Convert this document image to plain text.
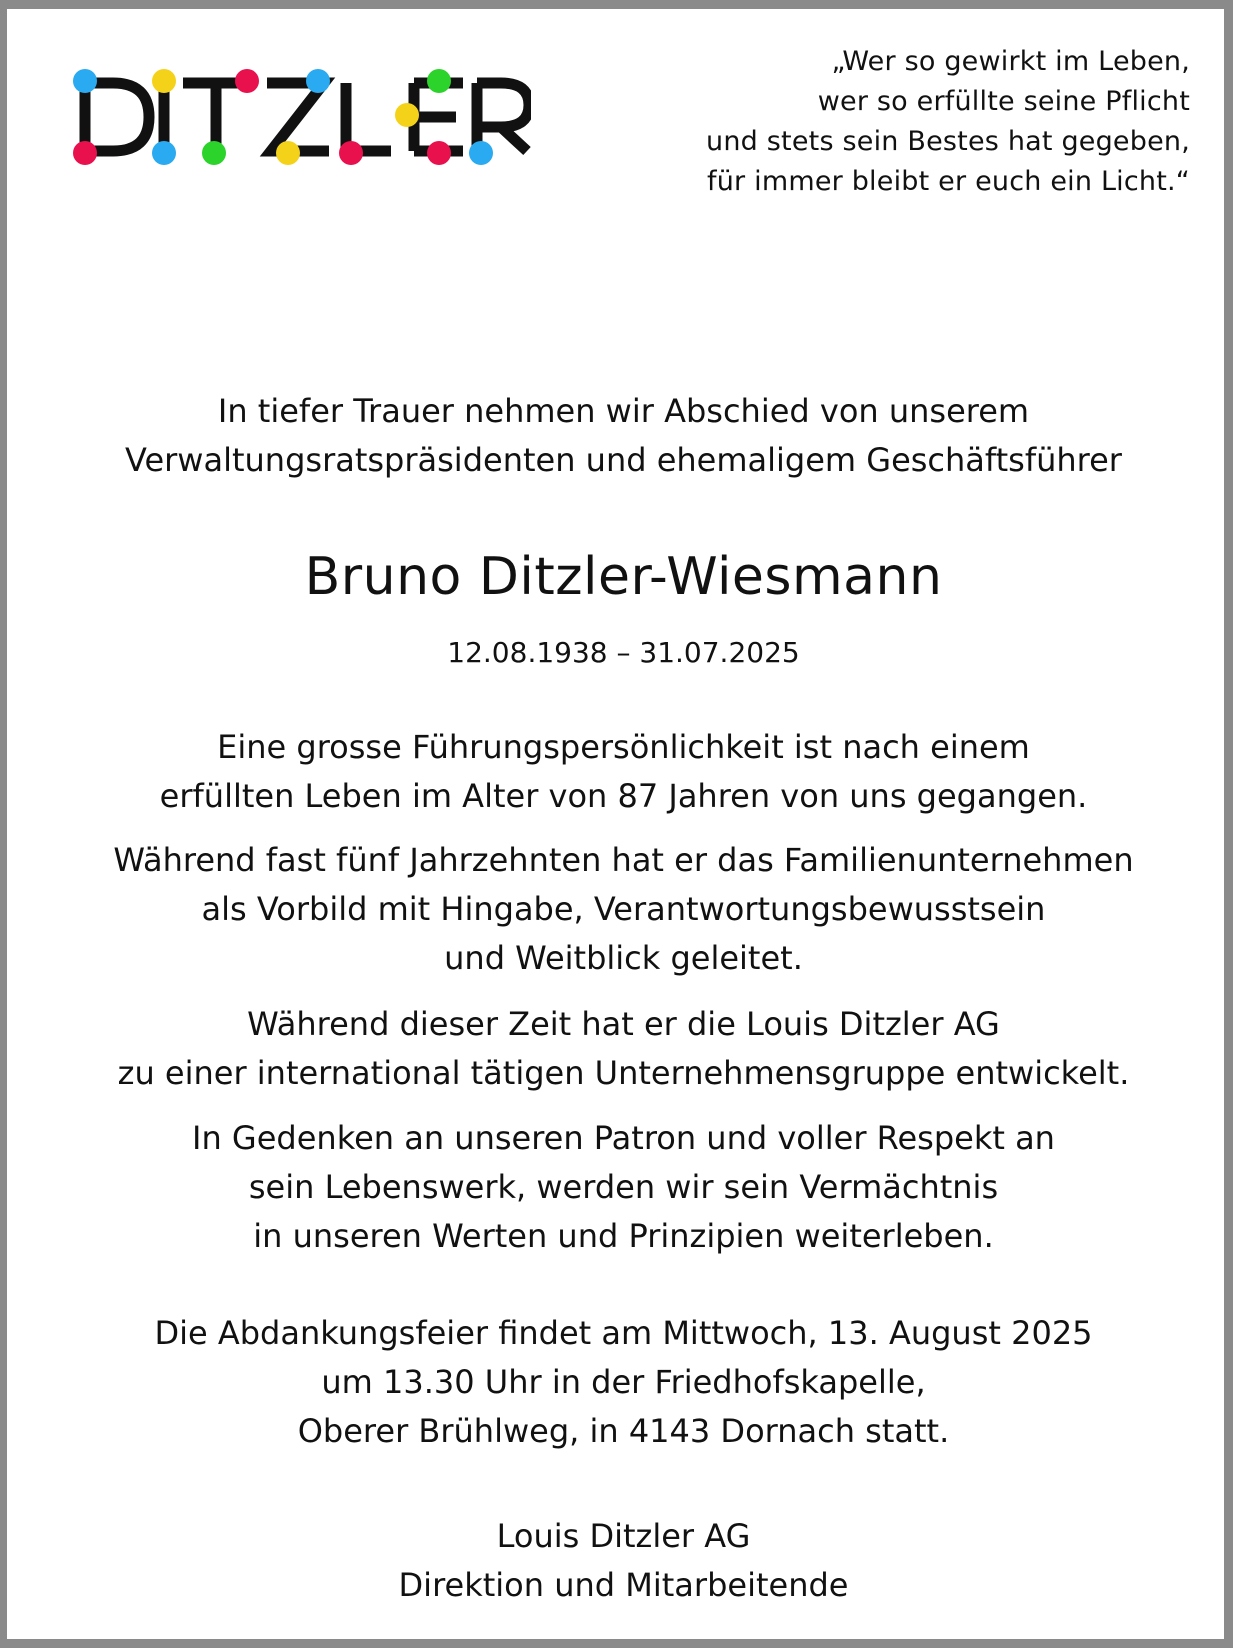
„Wer so gewirkt im Leben,
wer so erfüllte seine Pflicht
und stets sein Bestes hat gegeben,
für immer bleibt er euch ein Licht.“
In tiefer Trauer nehmen wir Abschied von unserem
Verwaltungsratspräsidenten und ehemaligem Geschäftsführer
Bruno Ditzler-Wiesmann
12.08.1938 – 31.07.2025
Eine grosse Führungspersönlichkeit ist nach einem
erfüllten Leben im Alter von 87 Jahren von uns gegangen.
Während fast fünf Jahrzehnten hat er das Familienunternehmen
als Vorbild mit Hingabe, Verantwortungsbewusstsein
und Weitblick geleitet.
Während dieser Zeit hat er die Louis Ditzler AG
zu einer international tätigen Unternehmensgruppe entwickelt.
In Gedenken an unseren Patron und voller Respekt an
sein Lebenswerk, werden wir sein Vermächtnis
in unseren Werten und Prinzipien weiterleben.
Die Abdankungsfeier findet am Mittwoch, 13. August 2025
um 13.30 Uhr in der Friedhofskapelle,
Oberer Brühlweg, in 4143 Dornach statt.
Louis Ditzler AG
Direktion und Mitarbeitende
